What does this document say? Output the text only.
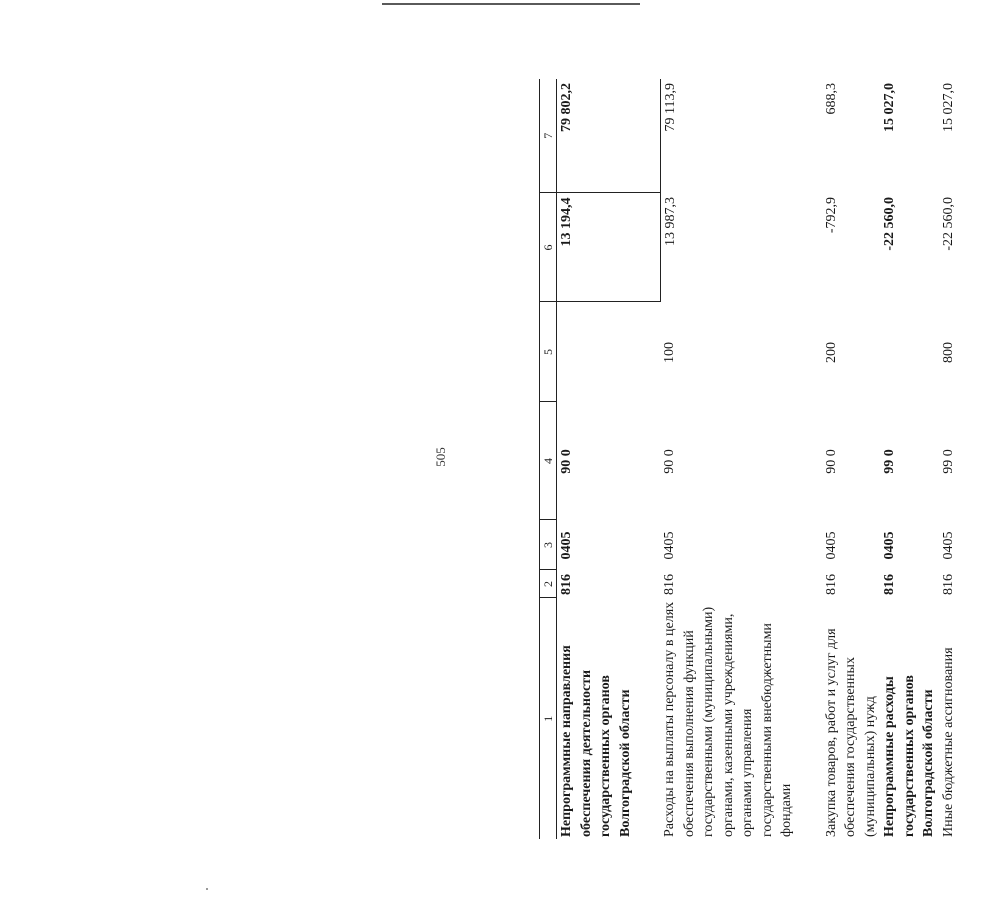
505
1	2	3	4	5	6	7
Непрограммные направления обеспечения деятельности государственных органов Волгоградской области	816	0405	90 0		13 194,4	79 802,2
Расходы на выплаты персоналу в целях обеспечения выполнения функций государственными (муниципальными) органами, казенными учреждениями, органами управления государственными внебюджетными фондами	816	0405	90 0	100	13 987,3	79 113,9
Закупка товаров, работ и услуг для обеспечения государственных (муниципальных) нужд	816	0405	90 0	200	-792,9	688,3
Непрограммные расходы государственных органов Волгоградской области	816	0405	99 0		-22 560,0	15 027,0
Иные бюджетные ассигнования	816	0405	99 0	800	-22 560,0	15 027,0
